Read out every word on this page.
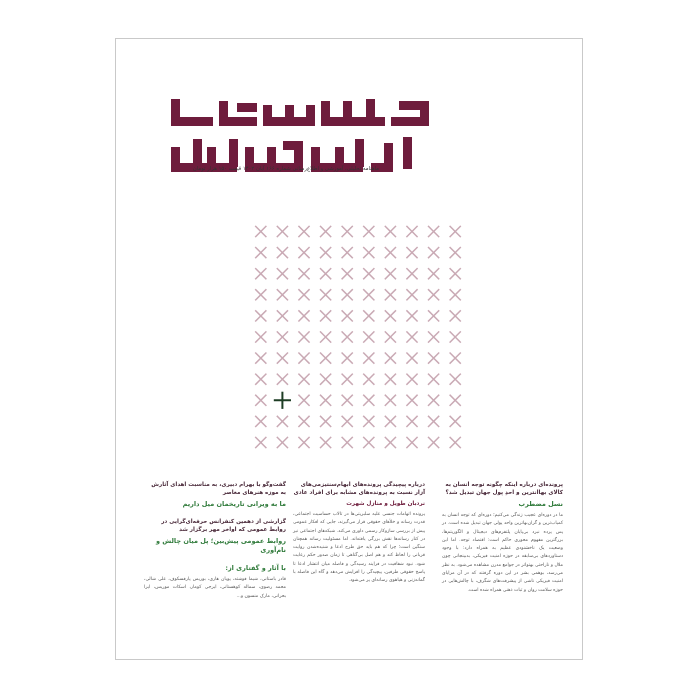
ماهنامه تحلیلی، آموزشی و اطلاع‌رسانی شماره ۱۶۶ آبان ۱۴۰۲ قیمت ۱۵۰ هزار تومان
پرونده‌ای درباره اینکه چگونه توجه انسان به کالای بهاانترین و احدِ پول جهان تبدیل شد؟
نسل مضطرب
ما در دوره‌ای عجیب زندگی می‌کنیم؛ دوره‌ای که توجه انسان به کمیاب‌ترین و گران‌بهاترین واحد پولی جهان تبدیل شده است. در پس پرده نبرد بی‌پایان پلتفرم‌های دیجیتال و الگوریتم‌ها، بزرگترین مفهوم محوری حاکم است: اقتصاد توجه. اما این وضعیت یک ناخشنودی عظیم به همراه دارد: با وجود دستاوردهای بی‌سابقه در حوزه امنیت فیزیکی، بدبینجانی چون ملال و ناراحتی بهتواتر در جوامع مدرن مشاهده می‌شود. به نظر می‌رسد، بوهمی بشر در این دوره گرفتند که در آن مزایای امنیت فیزیکی ناشی از پیشرفت‌های شگرف، با چالش‌هایی در حوزه سلامت روان و ثبات ذهنی همراه شده است.
درباره پیچیدگی پرونده‌های ابهام‌سنتیزمی‌های آزار نسبت به پرونده‌های مشابه برای افراد عادی
نردبان طویل و منازل شهرت
پرونده اتهامات جنسی علیه سلبریتی‌ها در تالاب حساسیت اجتماعی، قدرت رسانه و خلأهای حقوقی قرار می‌گیرند، جایی که افکار عمومی پیش از بررسی سازوکار رسمی داوری می‌کند. شبکه‌های اجتماعی نیز در کنار رسانه‌ها نقش بزرگی یافته‌اند. اما مسئولیت رسانه همچنان سنگین است؛ چرا که هم باید حق طرح ادعا و شنیده‌شدن روایت قربانی را لحاظ کند و هم اصل بی‌گناهی تا زمان صدور حکم رعایت شود. نبود شفافیت در فرایند رسیدگی و فاصله میان انتشار ادعا تا پاسخ حقوقی طرفین، پیچیدگی را افزایش می‌دهد و گاه این فاصله با گمانه‌زنی و هیاهوی رسانه‌ای پر می‌شود.
گفت‌وگو با بهرام دبیری، به مناسبت اهدای آثارش به موزه هنرهای معاصر
ما به ویرانی تاریخمان میل داریم
گزارشی از دهمین کنفرانس حرفه‌ای‌گرایی در روابط عمومی که اواخر مهر برگزار شد
روابط عمومی پیش‌بین؛ پل میان چالش و نام‌آوری
با آثار و گفتاری از:
قادر باستانی، شیما فوشته، پویان هاری، بوریس پارفسکوف، علی شالی، محمد رضوی، سماله کوهستانی، ایرجی کومار، اسکات موریس، ایرا بحرانی، مارک منسون و...
